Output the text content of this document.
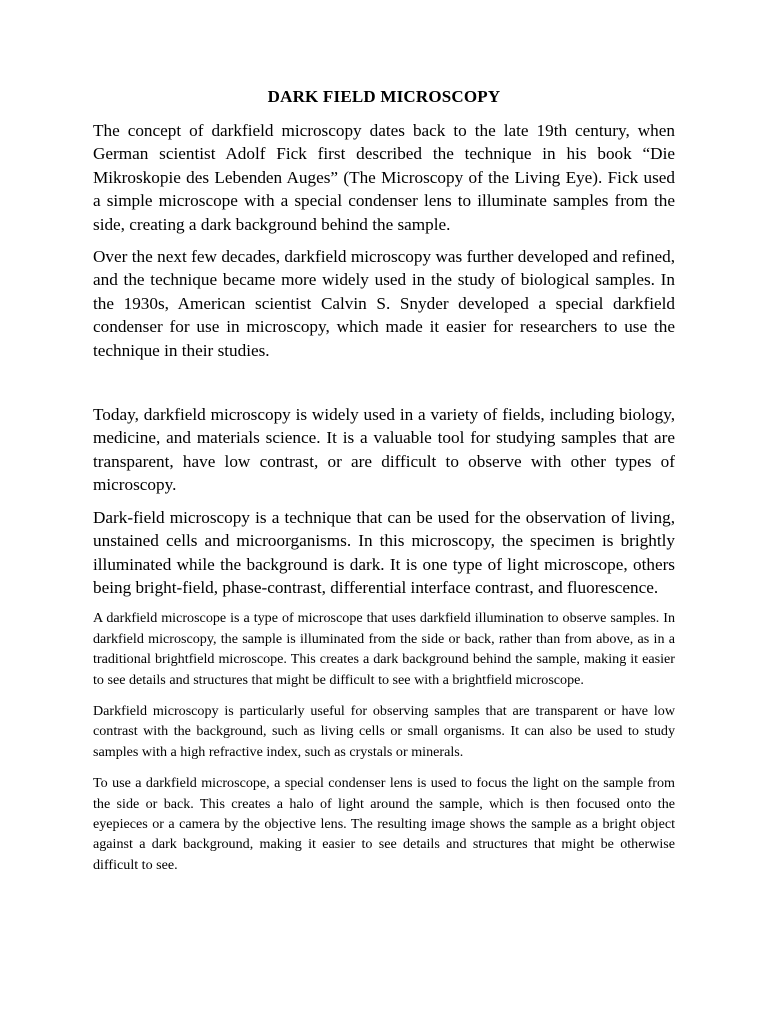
DARK FIELD MICROSCOPY

The concept of darkfield microscopy dates back to the late 19th century, when German scientist Adolf Fick first described the technique in his book “Die Mikroskopie des Lebenden Auges” (The Microscopy of the Living Eye). Fick used a simple microscope with a special condenser lens to illuminate samples from the side, creating a dark background behind the sample.

Over the next few decades, darkfield microscopy was further developed and refined, and the technique became more widely used in the study of biological samples. In the 1930s, American scientist Calvin S. Snyder developed a special darkfield condenser for use in microscopy, which made it easier for researchers to use the technique in their studies.

Today, darkfield microscopy is widely used in a variety of fields, including biology, medicine, and materials science. It is a valuable tool for studying samples that are transparent, have low contrast, or are difficult to observe with other types of microscopy.

Dark-field microscopy is a technique that can be used for the observation of living, unstained cells and microorganisms. In this microscopy, the specimen is brightly illuminated while the background is dark. It is one type of light microscope, others being bright-field, phase-contrast, differential interface contrast, and fluorescence.

A darkfield microscope is a type of microscope that uses darkfield illumination to observe samples. In darkfield microscopy, the sample is illuminated from the side or back, rather than from above, as in a traditional brightfield microscope. This creates a dark background behind the sample, making it easier to see details and structures that might be difficult to see with a brightfield microscope.

Darkfield microscopy is particularly useful for observing samples that are transparent or have low contrast with the background, such as living cells or small organisms. It can also be used to study samples with a high refractive index, such as crystals or minerals.

To use a darkfield microscope, a special condenser lens is used to focus the light on the sample from the side or back. This creates a halo of light around the sample, which is then focused onto the eyepieces or a camera by the objective lens. The resulting image shows the sample as a bright object against a dark background, making it easier to see details and structures that might be otherwise difficult to see.
